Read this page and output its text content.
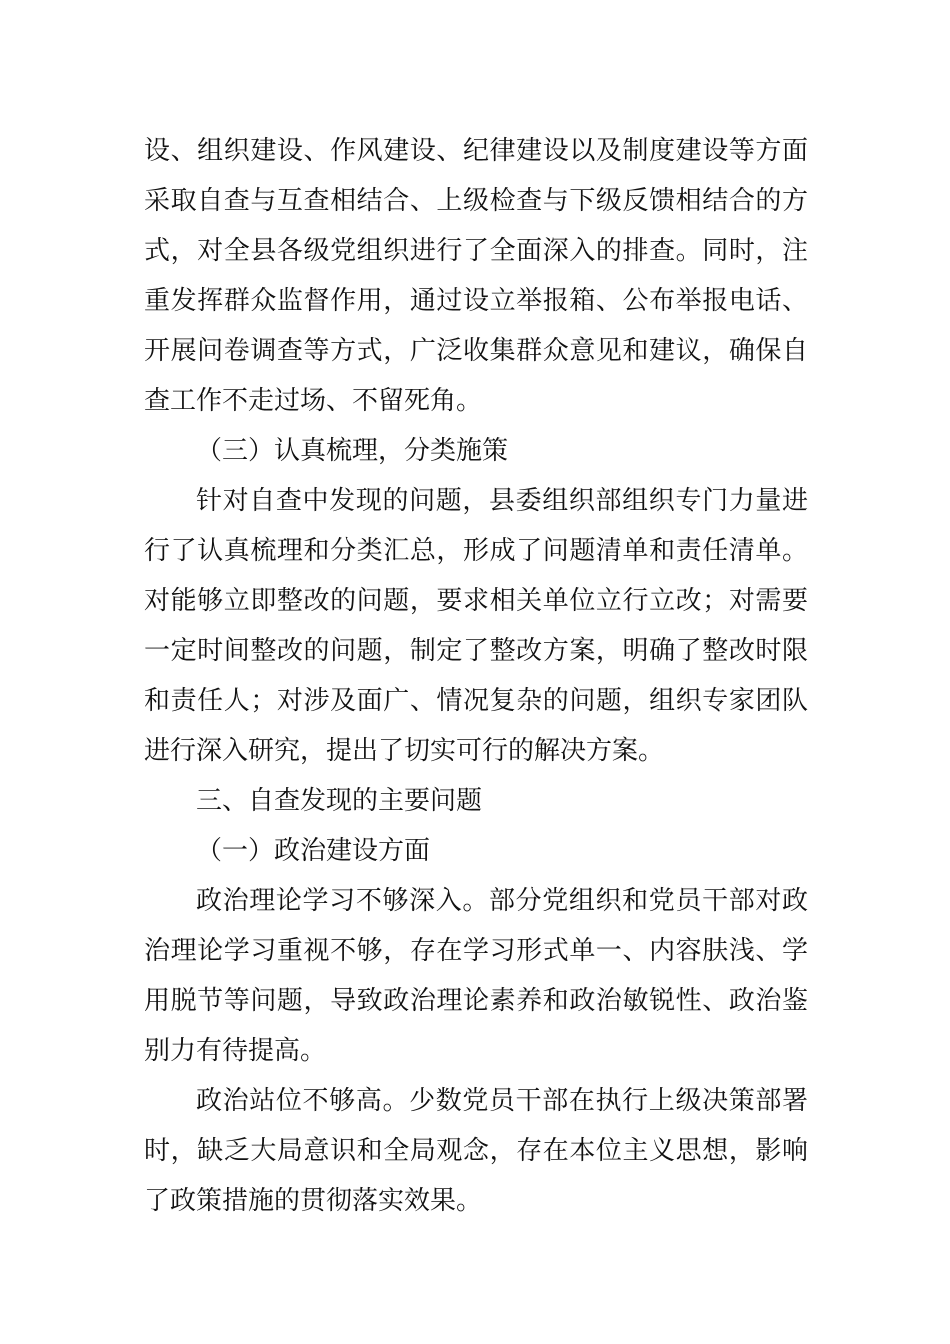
设、组织建设、作风建设、纪律建设以及制度建设等方面

采取自查与互查相结合、上级检查与下级反馈相结合的方

式，对全县各级党组织进行了全面深入的排查。同时，注

重发挥群众监督作用，通过设立举报箱、公布举报电话、

开展问卷调查等方式，广泛收集群众意见和建议，确保自

查工作不走过场、不留死角。

（三）认真梳理，分类施策

针对自查中发现的问题，县委组织部组织专门力量进

行了认真梳理和分类汇总，形成了问题清单和责任清单。

对能够立即整改的问题，要求相关单位立行立改；对需要

一定时间整改的问题，制定了整改方案，明确了整改时限

和责任人；对涉及面广、情况复杂的问题，组织专家团队

进行深入研究，提出了切实可行的解决方案。

三、自查发现的主要问题

（一）政治建设方面

政治理论学习不够深入。部分党组织和党员干部对政

治理论学习重视不够，存在学习形式单一、内容肤浅、学

用脱节等问题，导致政治理论素养和政治敏锐性、政治鉴

别力有待提高。

政治站位不够高。少数党员干部在执行上级决策部署

时，缺乏大局意识和全局观念，存在本位主义思想，影响

了政策措施的贯彻落实效果。
